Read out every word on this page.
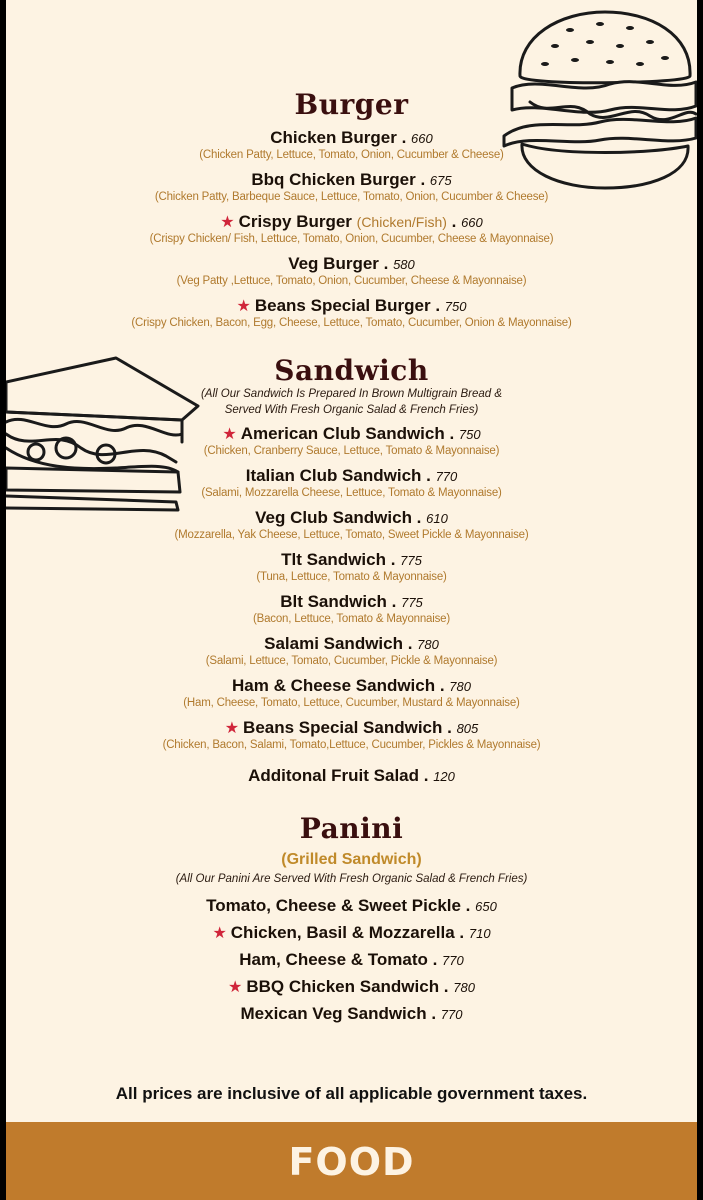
Burger
Chicken Burger . 660
(Chicken Patty, Lettuce, Tomato, Onion, Cucumber & Cheese)
Bbq Chicken Burger . 675
(Chicken Patty, Barbeque Sauce, Lettuce, Tomato, Onion, Cucumber & Cheese)
★ Crispy Burger (Chicken/Fish) . 660
(Crispy Chicken/ Fish, Lettuce, Tomato, Onion, Cucumber, Cheese & Mayonnaise)
Veg Burger . 580
(Veg Patty ,Lettuce, Tomato, Onion, Cucumber, Cheese & Mayonnaise)
★ Beans Special Burger . 750
(Crispy Chicken, Bacon, Egg, Cheese, Lettuce, Tomato, Cucumber, Onion & Mayonnaise)
Sandwich
(All Our Sandwich Is Prepared In Brown Multigrain Bread &
Served With Fresh Organic Salad & French Fries)
★ American Club Sandwich . 750
(Chicken, Cranberry Sauce, Lettuce, Tomato & Mayonnaise)
Italian Club Sandwich . 770
(Salami, Mozzarella Cheese, Lettuce, Tomato & Mayonnaise)
Veg Club Sandwich . 610
(Mozzarella, Yak Cheese, Lettuce, Tomato, Sweet Pickle & Mayonnaise)
Tlt Sandwich . 775
(Tuna, Lettuce, Tomato & Mayonnaise)
Blt Sandwich . 775
(Bacon, Lettuce, Tomato & Mayonnaise)
Salami Sandwich . 780
(Salami, Lettuce, Tomato, Cucumber, Pickle & Mayonnaise)
Ham & Cheese Sandwich . 780
(Ham, Cheese, Tomato, Lettuce, Cucumber, Mustard & Mayonnaise)
★ Beans Special Sandwich . 805
(Chicken, Bacon, Salami, Tomato,Lettuce, Cucumber, Pickles & Mayonnaise)
Additonal Fruit Salad . 120
Panini
(Grilled Sandwich)
(All Our Panini Are Served With Fresh Organic Salad & French Fries)
Tomato, Cheese & Sweet Pickle . 650
★ Chicken, Basil & Mozzarella . 710
Ham, Cheese & Tomato . 770
★ BBQ Chicken Sandwich . 780
Mexican Veg Sandwich . 770
All prices are inclusive of all applicable government taxes.
FOOD
